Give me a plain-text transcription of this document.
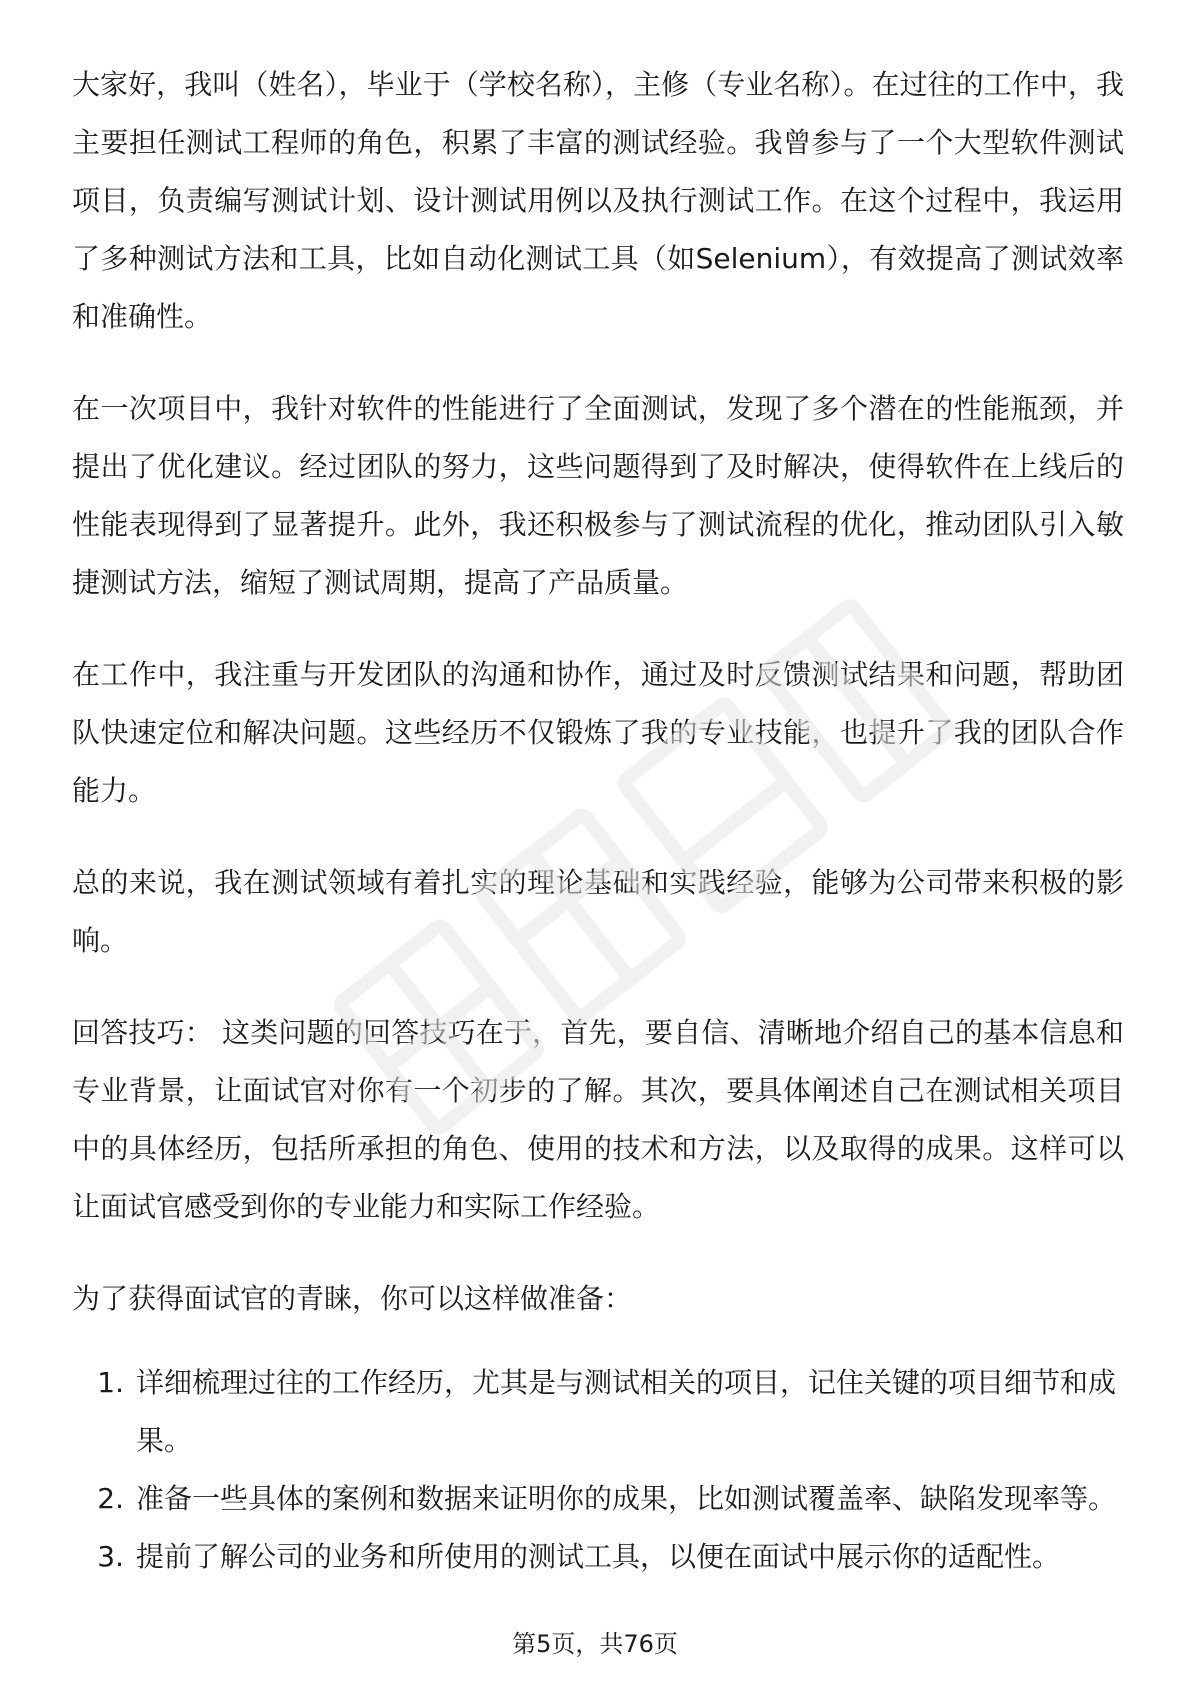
大家好，我叫（姓名），毕业于（学校名称），主修（专业名称）。在过往的工作中，我主要担任测试工程师的角色，积累了丰富的测试经验。我曾参与了一个大型软件测试项目，负责编写测试计划、设计测试用例以及执行测试工作。在这个过程中，我运用了多种测试方法和工具，比如自动化测试工具（如Selenium），有效提高了测试效率和准确性。

在一次项目中，我针对软件的性能进行了全面测试，发现了多个潜在的性能瓶颈，并提出了优化建议。经过团队的努力，这些问题得到了及时解决，使得软件在上线后的性能表现得到了显著提升。此外，我还积极参与了测试流程的优化，推动团队引入敏捷测试方法，缩短了测试周期，提高了产品质量。

在工作中，我注重与开发团队的沟通和协作，通过及时反馈测试结果和问题，帮助团队快速定位和解决问题。这些经历不仅锻炼了我的专业技能，也提升了我的团队合作能力。

总的来说，我在测试领域有着扎实的理论基础和实践经验，能够为公司带来积极的影响。

回答技巧： 这类问题的回答技巧在于，首先，要自信、清晰地介绍自己的基本信息和专业背景，让面试官对你有一个初步的了解。其次，要具体阐述自己在测试相关项目中的具体经历，包括所承担的角色、使用的技术和方法，以及取得的成果。这样可以让面试官感受到你的专业能力和实际工作经验。

为了获得面试官的青睐，你可以这样做准备：

1. 详细梳理过往的工作经历，尤其是与测试相关的项目，记住关键的项目细节和成果。
2. 准备一些具体的案例和数据来证明你的成果，比如测试覆盖率、缺陷发现率等。
3. 提前了解公司的业务和所使用的测试工具，以便在面试中展示你的适配性。
第5页，共76页
